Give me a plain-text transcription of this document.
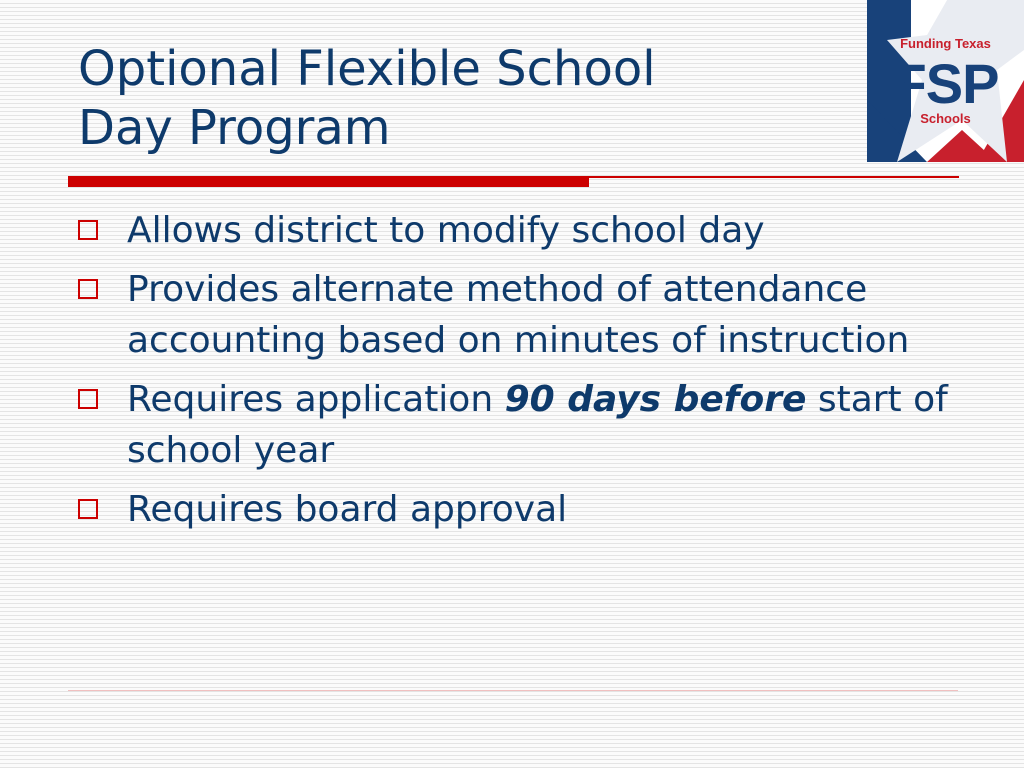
Optional Flexible School
Day Program
Funding Texas
FSP
Schools
Allows district to modify school day
Provides alternate method of attendance accounting based on minutes of instruction
Requires application 90 days before start of school year
Requires board approval
